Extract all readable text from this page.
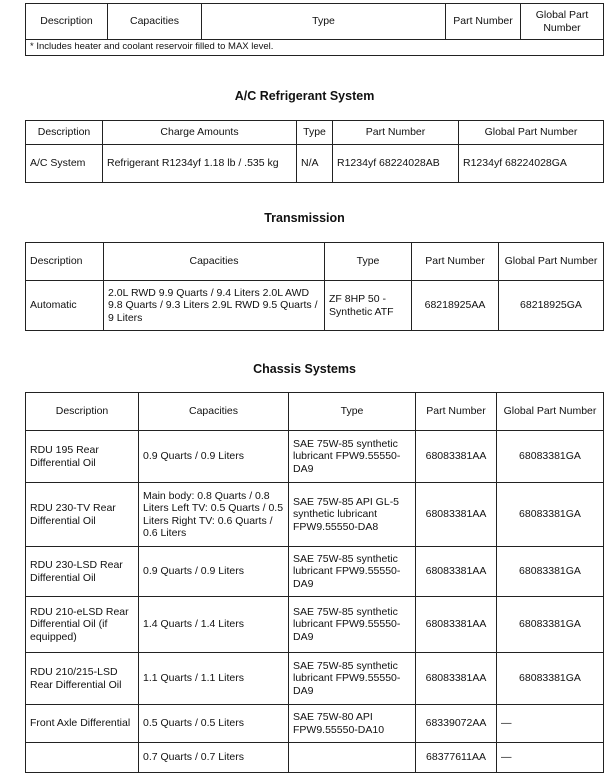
Description	Capacities	Type	Part Number	Global Part Number
* Includes heater and coolant reservoir filled to MAX level.
A/C Refrigerant System
Description	Charge Amounts	Type	Part Number	Global Part Number
A/C System	Refrigerant R1234yf 1.18 lb / .535 kg	N/A	R1234yf 68224028AB	R1234yf 68224028GA
Transmission
Description	Capacities	Type	Part Number	Global Part Number
Automatic	2.0L RWD 9.9 Quarts / 9.4 Liters 2.0L AWD 9.8 Quarts / 9.3 Liters 2.9L RWD 9.5 Quarts / 9 Liters	ZF 8HP 50 - Synthetic ATF	68218925AA	68218925GA
Chassis Systems
Description	Capacities	Type	Part Number	Global Part Number
RDU 195 Rear Differential Oil	0.9 Quarts / 0.9 Liters	SAE 75W-85 synthetic lubricant FPW9.55550-DA9	68083381AA	68083381GA
RDU 230-TV Rear Differential Oil	Main body: 0.8 Quarts / 0.8 Liters Left TV: 0.5 Quarts / 0.5 Liters Right TV: 0.6 Quarts / 0.6 Liters	SAE 75W-85 API GL-5 synthetic lubricant FPW9.55550-DA8	68083381AA	68083381GA
RDU 230-LSD Rear Differential Oil	0.9 Quarts / 0.9 Liters	SAE 75W-85 synthetic lubricant FPW9.55550-DA9	68083381AA	68083381GA
RDU 210-eLSD Rear Differential Oil (if equipped)	1.4 Quarts / 1.4 Liters	SAE 75W-85 synthetic lubricant FPW9.55550-DA9	68083381AA	68083381GA
RDU 210/215-LSD Rear Differential Oil	1.1 Quarts / 1.1 Liters	SAE 75W-85 synthetic lubricant FPW9.55550-DA9	68083381AA	68083381GA
Front Axle Differential	0.5 Quarts / 0.5 Liters	SAE 75W-80 API FPW9.55550-DA10	68339072AA	—
	0.7 Quarts / 0.7 Liters		68377611AA	—
